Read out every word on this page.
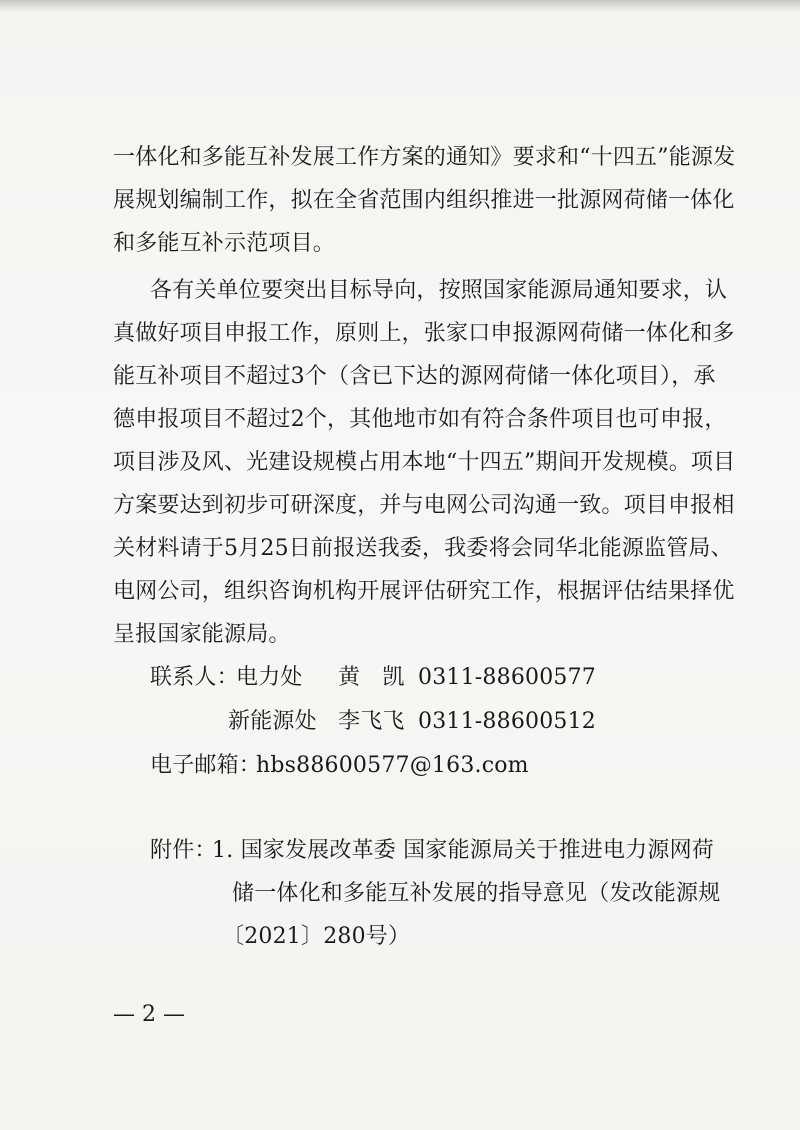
一体化和多能互补发展工作方案的通知》要求和“十四五”能源发
展规划编制工作，拟在全省范围内组织推进一批源网荷储一体化
和多能互补示范项目。
各有关单位要突出目标导向，按照国家能源局通知要求，认
真做好项目申报工作，原则上，张家口申报源网荷储一体化和多
能互补项目不超过3个（含已下达的源网荷储一体化项目），承
德申报项目不超过2个，其他地市如有符合条件项目也可申报，
项目涉及风、光建设规模占用本地“十四五”期间开发规模。项目
方案要达到初步可研深度，并与电网公司沟通一致。项目申报相
关材料请于5月25日前报送我委，我委将会同华北能源监管局、
电网公司，组织咨询机构开展评估研究工作，根据评估结果择优
呈报国家能源局。
联系人：
电力处 黄　凯 0311-88600577
新能源处 李飞飞 0311-88600512
电子邮箱：
hbs88600577@163.com
附件：
1. 国家发展改革委 国家能源局关于推进电力源网荷
储一体化和多能互补发展的指导意见（发改能源规
〔2021〕280号）
— 2 —
